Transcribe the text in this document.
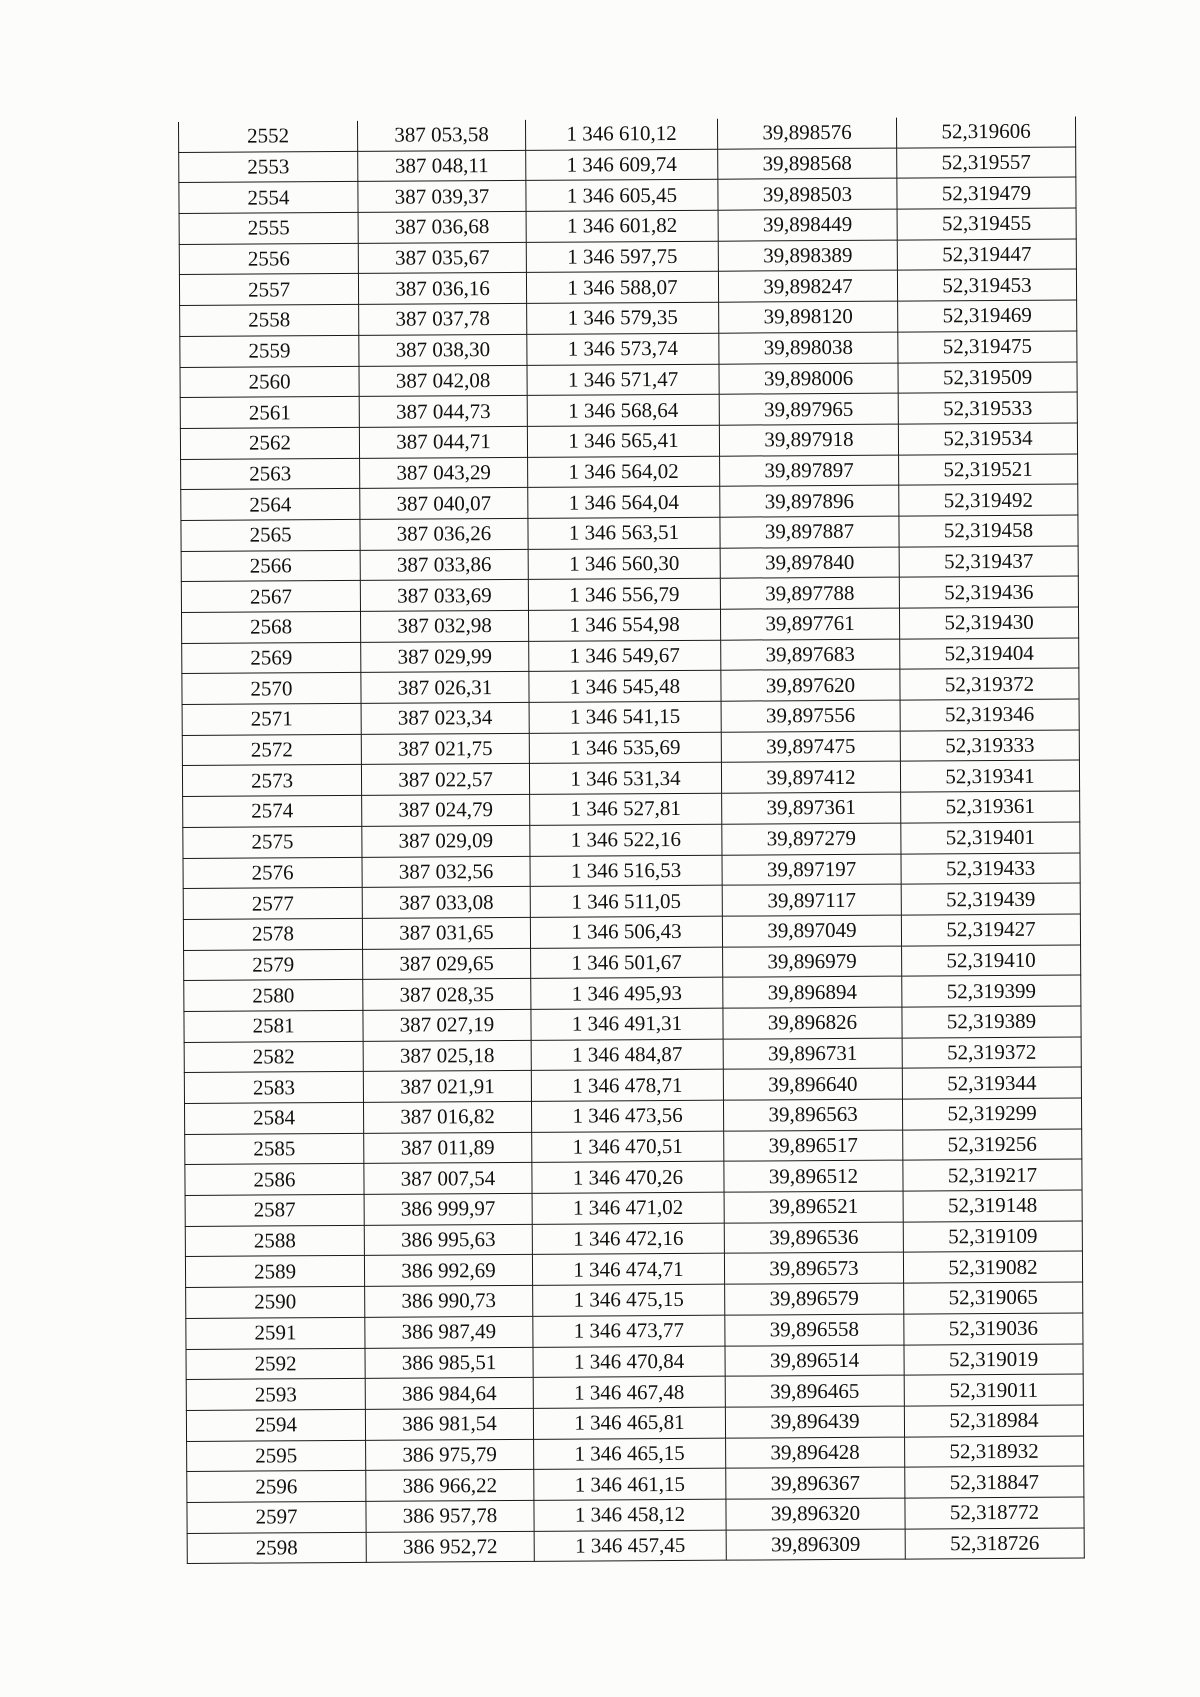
2552	387 053,58	1 346 610,12	39,898576	52,319606
2553	387 048,11	1 346 609,74	39,898568	52,319557
2554	387 039,37	1 346 605,45	39,898503	52,319479
2555	387 036,68	1 346 601,82	39,898449	52,319455
2556	387 035,67	1 346 597,75	39,898389	52,319447
2557	387 036,16	1 346 588,07	39,898247	52,319453
2558	387 037,78	1 346 579,35	39,898120	52,319469
2559	387 038,30	1 346 573,74	39,898038	52,319475
2560	387 042,08	1 346 571,47	39,898006	52,319509
2561	387 044,73	1 346 568,64	39,897965	52,319533
2562	387 044,71	1 346 565,41	39,897918	52,319534
2563	387 043,29	1 346 564,02	39,897897	52,319521
2564	387 040,07	1 346 564,04	39,897896	52,319492
2565	387 036,26	1 346 563,51	39,897887	52,319458
2566	387 033,86	1 346 560,30	39,897840	52,319437
2567	387 033,69	1 346 556,79	39,897788	52,319436
2568	387 032,98	1 346 554,98	39,897761	52,319430
2569	387 029,99	1 346 549,67	39,897683	52,319404
2570	387 026,31	1 346 545,48	39,897620	52,319372
2571	387 023,34	1 346 541,15	39,897556	52,319346
2572	387 021,75	1 346 535,69	39,897475	52,319333
2573	387 022,57	1 346 531,34	39,897412	52,319341
2574	387 024,79	1 346 527,81	39,897361	52,319361
2575	387 029,09	1 346 522,16	39,897279	52,319401
2576	387 032,56	1 346 516,53	39,897197	52,319433
2577	387 033,08	1 346 511,05	39,897117	52,319439
2578	387 031,65	1 346 506,43	39,897049	52,319427
2579	387 029,65	1 346 501,67	39,896979	52,319410
2580	387 028,35	1 346 495,93	39,896894	52,319399
2581	387 027,19	1 346 491,31	39,896826	52,319389
2582	387 025,18	1 346 484,87	39,896731	52,319372
2583	387 021,91	1 346 478,71	39,896640	52,319344
2584	387 016,82	1 346 473,56	39,896563	52,319299
2585	387 011,89	1 346 470,51	39,896517	52,319256
2586	387 007,54	1 346 470,26	39,896512	52,319217
2587	386 999,97	1 346 471,02	39,896521	52,319148
2588	386 995,63	1 346 472,16	39,896536	52,319109
2589	386 992,69	1 346 474,71	39,896573	52,319082
2590	386 990,73	1 346 475,15	39,896579	52,319065
2591	386 987,49	1 346 473,77	39,896558	52,319036
2592	386 985,51	1 346 470,84	39,896514	52,319019
2593	386 984,64	1 346 467,48	39,896465	52,319011
2594	386 981,54	1 346 465,81	39,896439	52,318984
2595	386 975,79	1 346 465,15	39,896428	52,318932
2596	386 966,22	1 346 461,15	39,896367	52,318847
2597	386 957,78	1 346 458,12	39,896320	52,318772
2598	386 952,72	1 346 457,45	39,896309	52,318726
